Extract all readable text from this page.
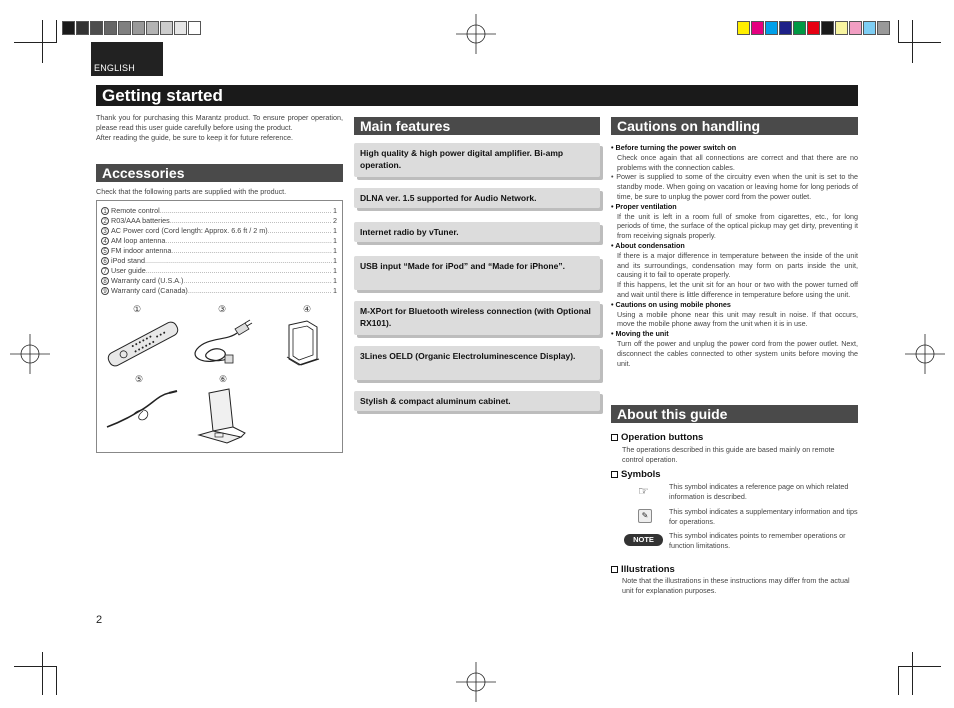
ENGLISH
Getting started
Thank you for purchasing this Marantz product. To ensure proper operation, please read this user guide carefully before using the product.
After reading the guide, be sure to keep it for future reference.
Accessories
Check that the following parts are supplied with the product.
1 Remote control .....	1
2 R03/AAA batteries .....	2
3 AC Power cord (Cord length: Approx. 6.6 ft / 2 m) .....	1
4 AM loop antenna .....	1
5 FM indoor antenna .....	1
6 iPod stand .....	1
7 User guide .....	1
8 Warranty card (U.S.A.) .....	1
9 Warranty card (Canada) .....	1
①	③	④
⑤	⑥
Main features
High quality & high power digital amplifier. Bi-amp operation.
DLNA ver. 1.5 supported for Audio Network.
Internet radio by vTuner.
USB input “Made for iPod” and “Made for iPhone”.
M-XPort for Bluetooth wireless connection (with Optional RX101).
3Lines OELD (Organic Electroluminescence Display).
Stylish & compact aluminum cabinet.
Cautions on handling
• Before turning the power switch on
Check once again that all connections are correct and that there are no problems with the connection cables.
• Power is supplied to some of the circuitry even when the unit is set to the standby mode. When going on vacation or leaving home for long periods of time, be sure to unplug the power cord from the power outlet.
• Proper ventilation
If the unit is left in a room full of smoke from cigarettes, etc., for long periods of time, the surface of the optical pickup may get dirty, preventing it from receiving signals properly.
• About condensation
If there is a major difference in temperature between the inside of the unit and its surroundings, condensation may form on parts inside the unit, causing it to fail to operate properly.
If this happens, let the unit sit for an hour or two with the power turned off and wait until there is little difference in temperature before using the unit.
• Cautions on using mobile phones
Using a mobile phone near this unit may result in noise. If that occurs, move the mobile phone away from the unit when it is in use.
• Moving the unit
Turn off the power and unplug the power cord from the power outlet. Next, disconnect the cables connected to other system units before moving the unit.
About this guide
Operation buttons
The operations described in this guide are based mainly on remote control operation.
Symbols
☞	This symbol indicates a reference page on which related information is described.
✎	This symbol indicates a supplementary information and tips for operations.
NOTE	This symbol indicates points to remember operations or function limitations.
Illustrations
Note that the illustrations in these instructions may differ from the actual unit for explanation purposes.
2
